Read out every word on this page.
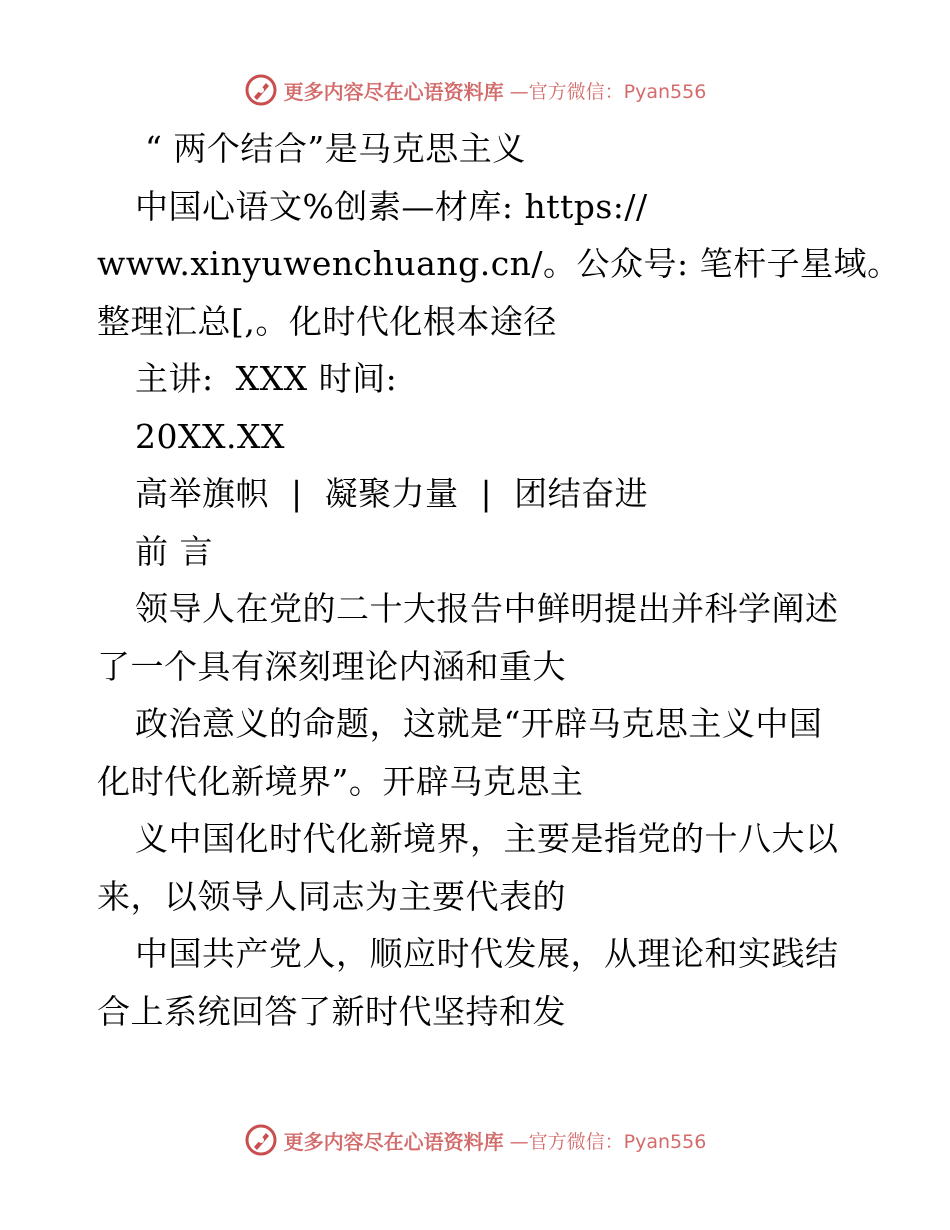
更多内容尽在心语资料库 —官方微信：Pyan556
“ 两个结合”是马克思主义
中国心语文%创素—材库: https://
www.xinyuwenchuang.cn/。公众号: 笔杆子星域。
整理汇总[,。化时代化根本途径
主讲:  XXX 时间:
20XX.XX
高举旗帜  |  凝聚力量  |  团结奋进
前 言
领导人在党的二十大报告中鲜明提出并科学阐述
了一个具有深刻理论内涵和重大
政治意义的命题，这就是“开辟马克思主义中国
化时代化新境界”。开辟马克思主
义中国化时代化新境界，主要是指党的十八大以
来，以领导人同志为主要代表的
中国共产党人，顺应时代发展，从理论和实践结
合上系统回答了新时代坚持和发
更多内容尽在心语资料库 —官方微信：Pyan556
